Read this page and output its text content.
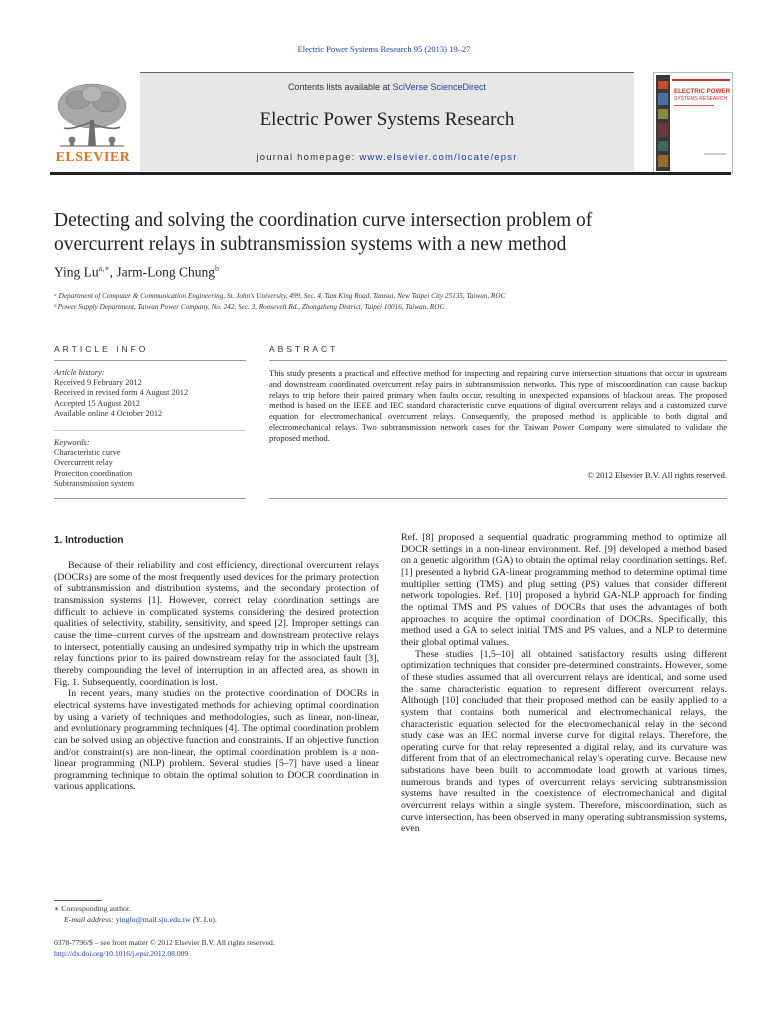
Electric Power Systems Research 95 (2013) 19–27
Contents lists available at SciVerse ScienceDirect
Electric Power Systems Research
journal homepage: www.elsevier.com/locate/epsr
ELSEVIER
ELECTRIC POWER
SYSTEMS RESEARCH
Detecting and solving the coordination curve intersection problem of
overcurrent relays in subtransmission systems with a new method
Ying $Lu^{a,∗}$, Jarm-Long Chung$^b$
ᵃ Department of Computer & Communication Engineering, St. John's University, 499, Sec. 4, Tam King Road, Tamsui, New Taipei City 25135, Taiwan, ROC
ᵇ Power Supply Department, Taiwan Power Company, No. 242, Sec. 3, Roosevelt Rd., Zhongzheng District, Taipei 10016, Taiwan, ROC
ARTICLE INFO	ABSTRACT
Article history:
Received 9 February 2012
Received in revised form 4 August 2012
Accepted 15 August 2012
Available online 4 October 2012
Keywords:
Characteristic curve
Overcurrent relay
Protection coordination
Subtransmission system
This study presents a practical and effective method for inspecting and repairing curve intersection situations that occur in upstream and downstream coordinated overcurrent relay pairs in subtransmission networks. This type of miscoordination can cause backup relays to trip before their paired primary when faults occur, resulting in unexpected expansions of blackout areas. The proposed method is based on the IEEE and IEC standard characteristic curve equations of digital overcurrent relays and a customized curve equation for electromechanical overcurrent relays. Consequently, the proposed method is applicable to both digital and electromechanical relays. Two subtransmission network cases for the Taiwan Power Company were simulated to validate the proposed method.
© 2012 Elsevier B.V. All rights reserved.
1. Introduction

Because of their reliability and cost efficiency, directional overcurrent relays (DOCRs) are some of the most frequently used devices for the primary protection of subtransmission and distribution systems, and the secondary protection of transmission systems [1]. However, correct relay coordination settings are difficult to achieve in complicated systems considering the desired protection qualities of selectivity, stability, sensitivity, and speed [2]. Improper settings can cause the time–current curves of the upstream and downstream protective relays to intersect, potentially causing an undesired sympathy trip in which the upstream relay functions prior to its paired downstream relay for the associated fault [3], thereby compounding the level of interruption in an affected area, as shown in Fig. 1. Subsequently, coordination is lost.

In recent years, many studies on the protective coordination of DOCRs in electrical systems have investigated methods for achieving optimal coordination by using a variety of techniques and methodologies, such as linear, non-linear, and evolutionary programming techniques [4]. The optimal coordination problem can be solved using an objective function and constraints. If an objective function and/or constraint(s) are non-linear, the optimal coordination problem is a non-linear programming (NLP) problem. Several studies [5–7] have used a linear programming technique to obtain the optimal solution to DOCR coordination in various applications.

Ref. [8] proposed a sequential quadratic programming method to optimize all DOCR settings in a non-linear environment. Ref. [9] developed a method based on a genetic algorithm (GA) to obtain the optimal relay coordination settings. Ref. [1] presented a hybrid GA-linear programming method to determine optimal time multiplier setting (TMS) and plug setting (PS) values that consider different network topologies. Ref. [10] proposed a hybrid GA-NLP approach for finding the optimal TMS and PS values of DOCRs that uses the advantages of both approaches to acquire the optimal coordination of DOCRs. Specifically, this method used a GA to select initial TMS and PS values, and a NLP to determine their global optimal values.

These studies [1,5–10] all obtained satisfactory results using different optimization techniques that consider pre-determined constraints. However, some of these studies assumed that all overcurrent relays are identical, and some used the same characteristic equation to represent different overcurrent relays. Although [10] concluded that their proposed method can be easily applied to a system that contains both numerical and electromechanical relays, the characteristic equation selected for the electromechanical relay in the second study case was an IEC normal inverse curve for digital relays. Therefore, the operating curve for that relay represented a digital relay, and its curvature was different from that of an electromechanical relay's operating curve. Because new substations have been built to accommodate load growth at various times, numerous brands and types of overcurrent relays servicing subtransmission systems have resulted in the coexistence of electromechanical and digital overcurrent relays within a single system. Therefore, miscoordination, such as curve intersection, has been observed in many operating subtransmission systems, even

∗ Corresponding author.
E-mail address: yinglu@mail.sju.edu.tw (Y. Lu).
0378-7796/$ – see front matter © 2012 Elsevier B.V. All rights reserved.
http://dx.doi.org/10.1016/j.epsr.2012.08.009
